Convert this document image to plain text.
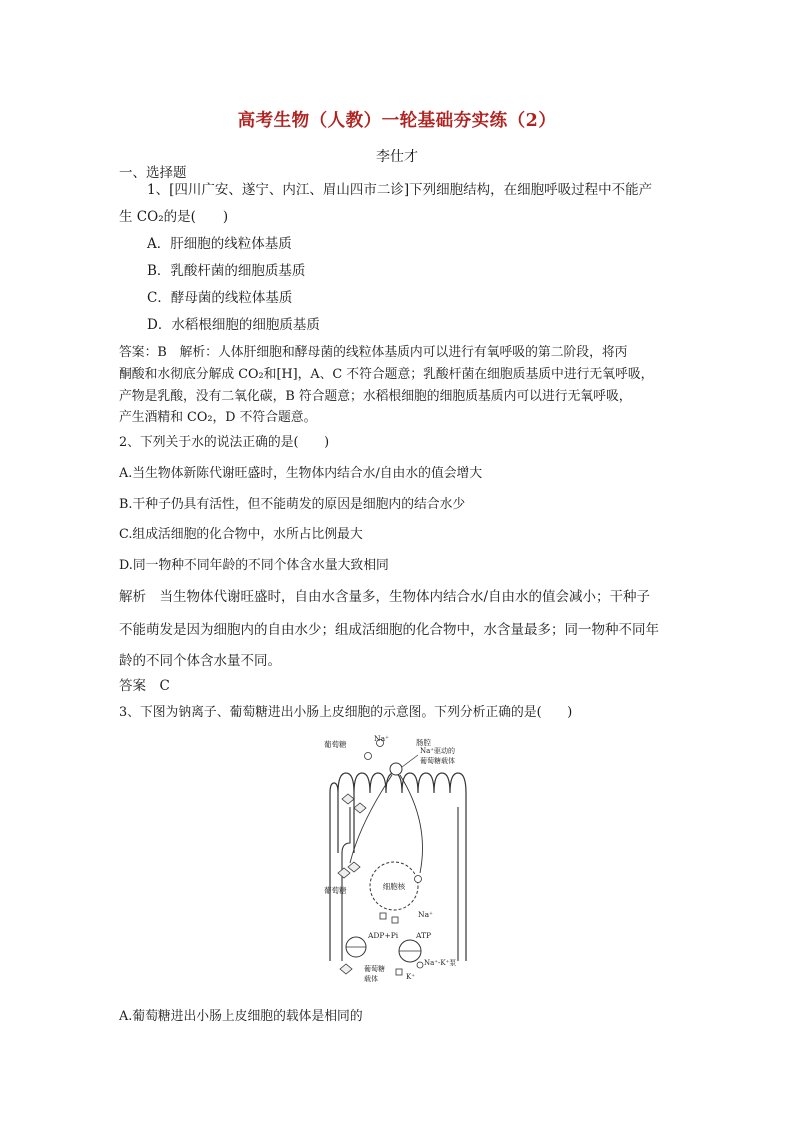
高考生物（人教）一轮基础夯实练（2）
李仕才
一、选择题
1、[四川广安、遂宁、内江、眉山四市二诊]下列细胞结构，在细胞呼吸过程中不能产
生 CO₂的是(　　)
A．肝细胞的线粒体基质
B．乳酸杆菌的细胞质基质
C．酵母菌的线粒体基质
D．水稻根细胞的细胞质基质
答案：B　解析：人体肝细胞和酵母菌的线粒体基质内可以进行有氧呼吸的第二阶段，将丙
酮酸和水彻底分解成 CO₂和[H]，A、C 不符合题意；乳酸杆菌在细胞质基质中进行无氧呼吸，
产物是乳酸，没有二氧化碳，B 符合题意；水稻根细胞的细胞质基质内可以进行无氧呼吸，
产生酒精和 CO₂，D 不符合题意。
2、下列关于水的说法正确的是(　　)
A.当生物体新陈代谢旺盛时，生物体内结合水/自由水的值会增大
B.干种子仍具有活性，但不能萌发的原因是细胞内的结合水少
C.组成活细胞的化合物中，水所占比例最大
D.同一物种不同年龄的不同个体含水量大致相同
解析　当生物体代谢旺盛时，自由水含量多，生物体内结合水/自由水的值会减小；干种子
不能萌发是因为细胞内的自由水少；组成活细胞的化合物中，水含量最多；同一物种不同年
龄的不同个体含水量不同。
答案　C
3、下图为钠离子、葡萄糖进出小肠上皮细胞的示意图。下列分析正确的是(　　)
细胞核
葡萄糖
Na⁺	肠腔
Na⁺驱动的
葡萄糖载体
葡萄糖
Na⁺
ADP+Pi ATP
葡萄糖
载体
Na⁺-K⁺泵
K⁺
A.葡萄糖进出小肠上皮细胞的载体是相同的
